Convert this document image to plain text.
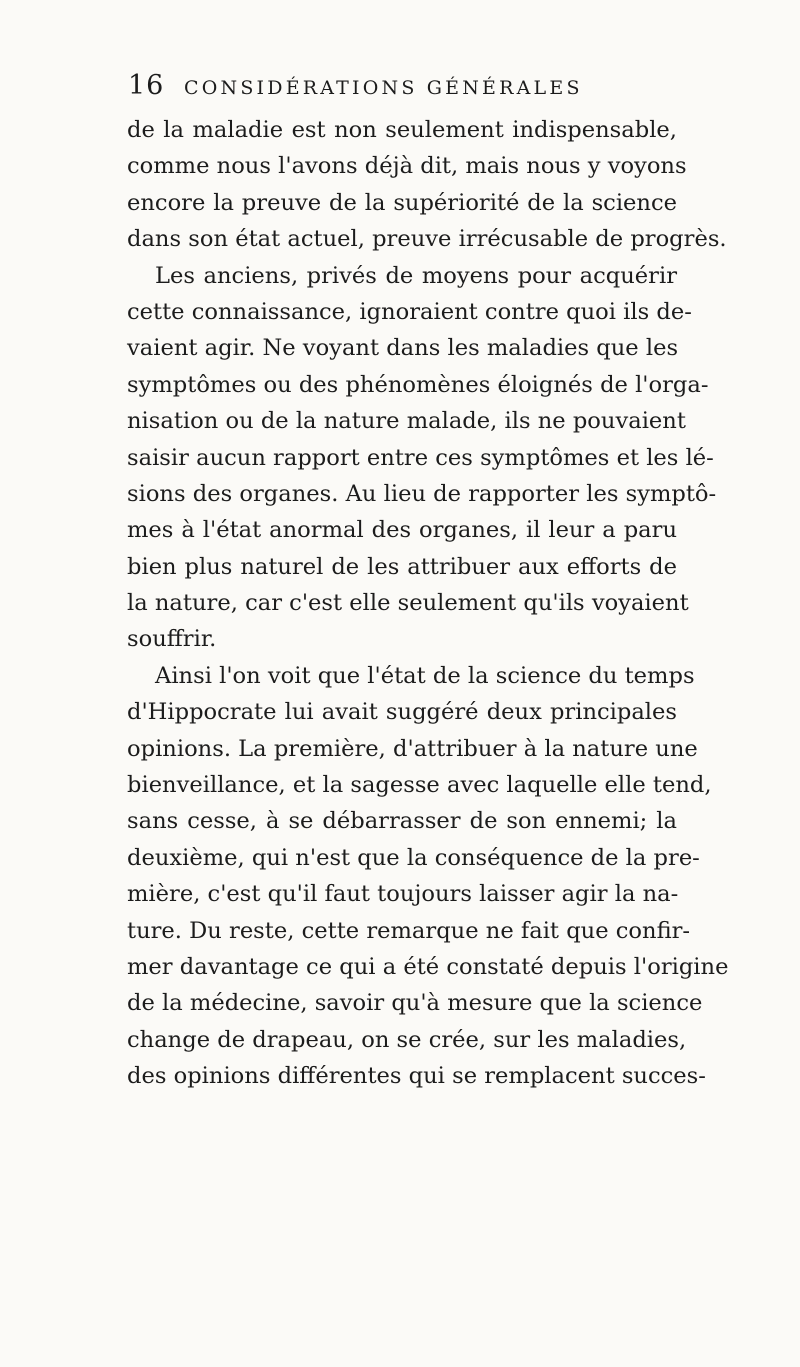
16 CONSIDÉRATIONS GÉNÉRALES
de la maladie est non seulement indispensable,
comme nous l'avons déjà dit, mais nous y voyons
encore la preuve de la supériorité de la science
dans son état actuel, preuve irrécusable de progrès.
Les anciens, privés de moyens pour acquérir
cette connaissance, ignoraient contre quoi ils de-
vaient agir. Ne voyant dans les maladies que les
symptômes ou des phénomènes éloignés de l'orga-
nisation ou de la nature malade, ils ne pouvaient
saisir aucun rapport entre ces symptômes et les lé-
sions des organes. Au lieu de rapporter les symptô-
mes à l'état anormal des organes, il leur a paru
bien plus naturel de les attribuer aux efforts de
la nature, car c'est elle seulement qu'ils voyaient
souffrir.
Ainsi l'on voit que l'état de la science du temps
d'Hippocrate lui avait suggéré deux principales
opinions. La première, d'attribuer à la nature une
bienveillance, et la sagesse avec laquelle elle tend,
sans cesse, à se débarrasser de son ennemi; la
deuxième, qui n'est que la conséquence de la pre-
mière, c'est qu'il faut toujours laisser agir la na-
ture. Du reste, cette remarque ne fait que confir-
mer davantage ce qui a été constaté depuis l'origine
de la médecine, savoir qu'à mesure que la science
change de drapeau, on se crée, sur les maladies,
des opinions différentes qui se remplacent succes-
